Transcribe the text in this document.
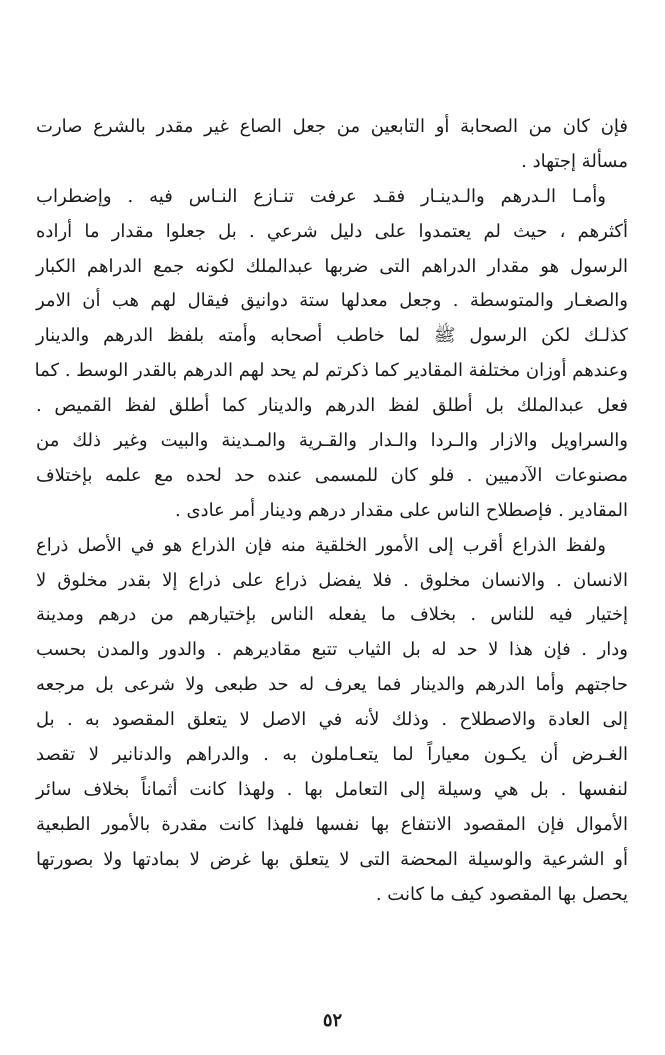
فإن كان من الصحابة أو التابعين من جعل الصاع غير مقدر بالشرع صارت
مسألة إجتهاد .
وأمـا الـدرهم والـدينـار فقـد عرفت تنـازع النـاس فيه . وإضطراب
أكثرهم ، حيث لم يعتمدوا على دليل شرعي . بل جعلوا مقدار ما أراده
الرسول هو مقدار الدراهم التى ضربها عبدالملك لكونه جمع الدراهم الكبار
والصغـار والمتوسطة . وجعل معدلها ستة دوانيق فيقال لهم هب أن الامر
كذلـك لكن الرسول ﷺ لما خاطب أصحابه وأمته بلفظ الدرهم والدينار
وعندهم أوزان مختلفة المقادير كما ذكرتم لم يحد لهم الدرهم بالقدر الوسط . كما
فعل عبدالملك بل أطلق لفظ الدرهم والدينار كما أطلق لفظ القميص .
والسراويل والازار والـردا والـدار والقـرية والمـدينة والبيت وغير ذلك من
مصنوعات الآدميين . فلو كان للمسمى عنده حد لحده مع علمه بإختلاف
المقادير . فإصطلاح الناس على مقدار درهم ودينار أمر عادى .
ولفظ الذراع أقرب إلى الأمور الخلقية منه فإن الذراع هو في الأصل ذراع
الانسان . والانسان مخلوق . فلا يفضل ذراع على ذراع إلا بقدر مخلوق لا
إختيار فيه للناس . بخلاف ما يفعله الناس بإختيارهم من درهم ومدينة
ودار . فإن هذا لا حد له بل الثياب تتبع مقاديرهم . والدور والمدن بحسب
حاجتهم وأما الدرهم والدينار فما يعرف له حد طبعى ولا شرعى بل مرجعه
إلى العادة والاصطلاح . وذلك لأنه في الاصل لا يتعلق المقصود به . بل
الغـرض أن يكـون معياراً لما يتعـاملون به . والدراهم والدنانير لا تقصد
لنفسها . بل هي وسيلة إلى التعامل بها . ولهذا كانت أثماناً بخلاف سائر
الأموال فإن المقصود الانتفاع بها نفسها فلهذا كانت مقدرة بالأمور الطبعية
أو الشرعية والوسيلة المحضة التى لا يتعلق بها غرض لا بمادتها ولا بصورتها
يحصل بها المقصود كيف ما كانت .
٥٢
